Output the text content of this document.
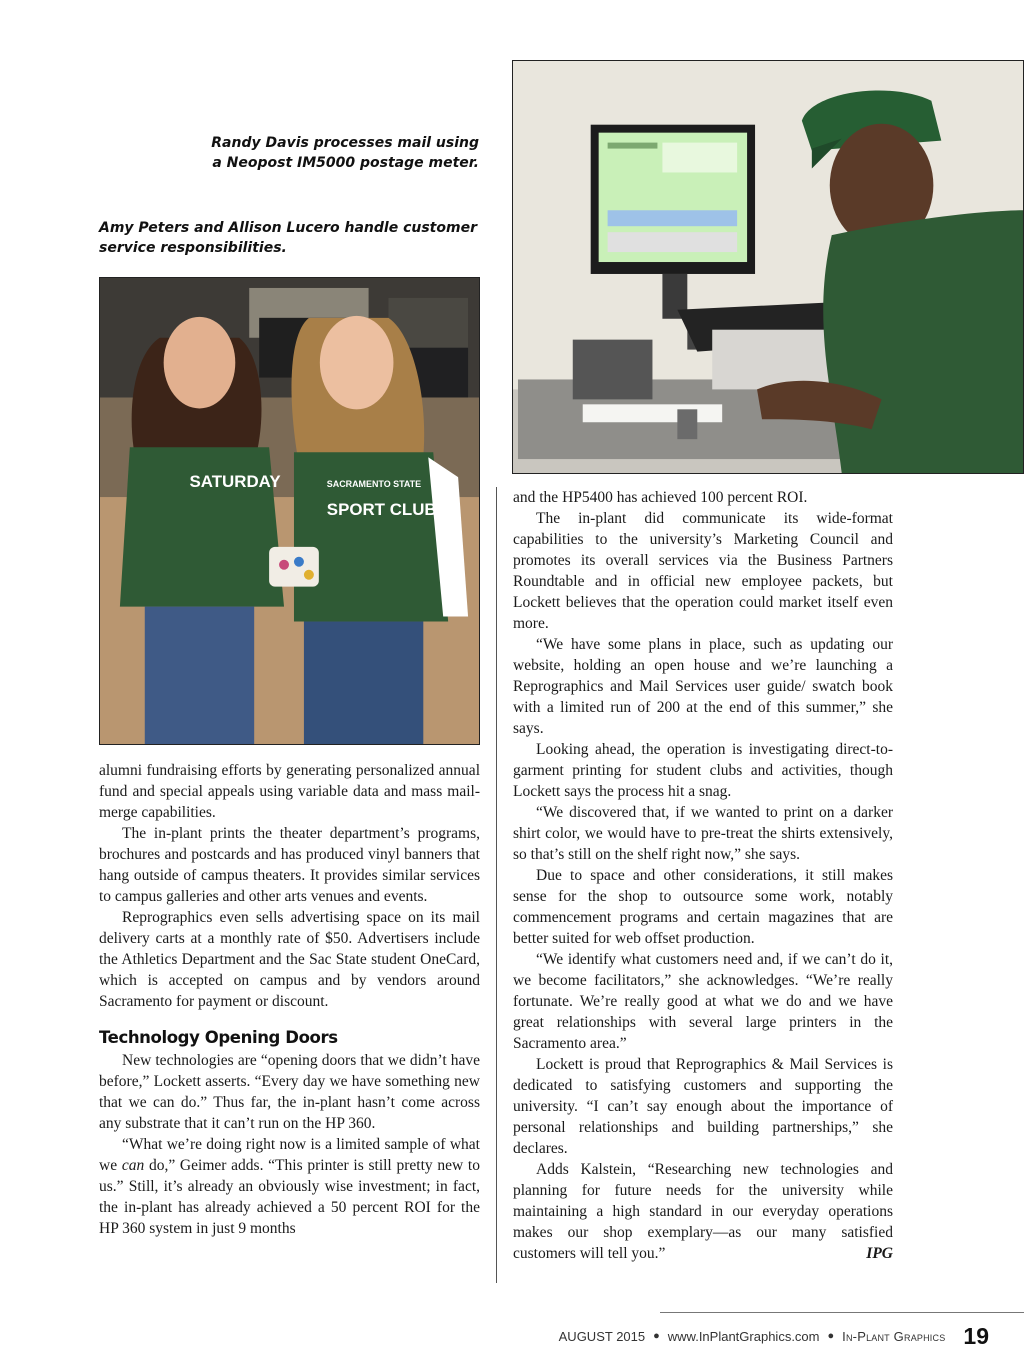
Randy Davis processes mail using a Neopost IM5000 postage meter.
Amy Peters and Allison Lucero handle customer service responsibilities.
SATURDAY	SACRAMENTO STATE
SPORT CLUBS

alumni fundraising efforts by generating personalized annual fund and special appeals using variable data and mass mail-merge capabilities.

The in-plant prints the theater department’s programs, brochures and postcards and has produced vinyl banners that hang outside of campus theaters. It provides similar services to campus galleries and other arts venues and events.

Reprographics even sells advertising space on its mail delivery carts at a monthly rate of $50. Advertisers include the Athletics Department and the Sac State student OneCard, which is accepted on campus and by vendors around Sacramento for payment or discount.

Technology Opening Doors

New technologies are “opening doors that we didn’t have before,” Lockett asserts. “Every day we have something new that we can do.” Thus far, the in-plant hasn’t come across any substrate that it can’t run on the HP 360.

“What we’re doing right now is a limited sample of what we can do,” Geimer adds. “This printer is still pretty new to us.” Still, it’s already an obviously wise investment; in fact, the in-plant has already achieved a 50 percent ROI for the HP 360 system in just 9 months

and the HP5400 has achieved 100 percent ROI.

The in-plant did communicate its wide-format capabilities to the university’s Marketing Council and promotes its overall services via the Business Partners Roundtable and in official new employee packets, but Lockett believes that the operation could market itself even more.

“We have some plans in place, such as updating our website, holding an open house and we’re launching a Reprographics and Mail Services user guide/ swatch book with a limited run of 200 at the end of this summer,” she says.

Looking ahead, the operation is investigating direct-to-garment printing for student clubs and activities, though Lockett says the process hit a snag.

“We discovered that, if we wanted to print on a darker shirt color, we would have to pre-treat the shirts extensively, so that’s still on the shelf right now,” she says.

Due to space and other considerations, it still makes sense for the shop to outsource some work, notably commencement programs and certain magazines that are better suited for web offset production.

“We identify what customers need and, if we can’t do it, we become facilitators,” she acknowledges. “We’re really fortunate. We’re really good at what we do and we have great relationships with several large printers in the Sacramento area.”

Lockett is proud that Reprographics & Mail Services is dedicated to satisfying customers and supporting the university. “I can’t say enough about the importance of personal relationships and building partnerships,” she declares.

Adds Kalstein, “Researching new technologies and planning for future needs for the university while maintaining a high standard in our everyday operations makes our shop exemplary—as our many satisfied customers will tell you.”	IPG

AUGUST 2015 ● www.InPlantGraphics.com ● In-Plant Graphics 19
